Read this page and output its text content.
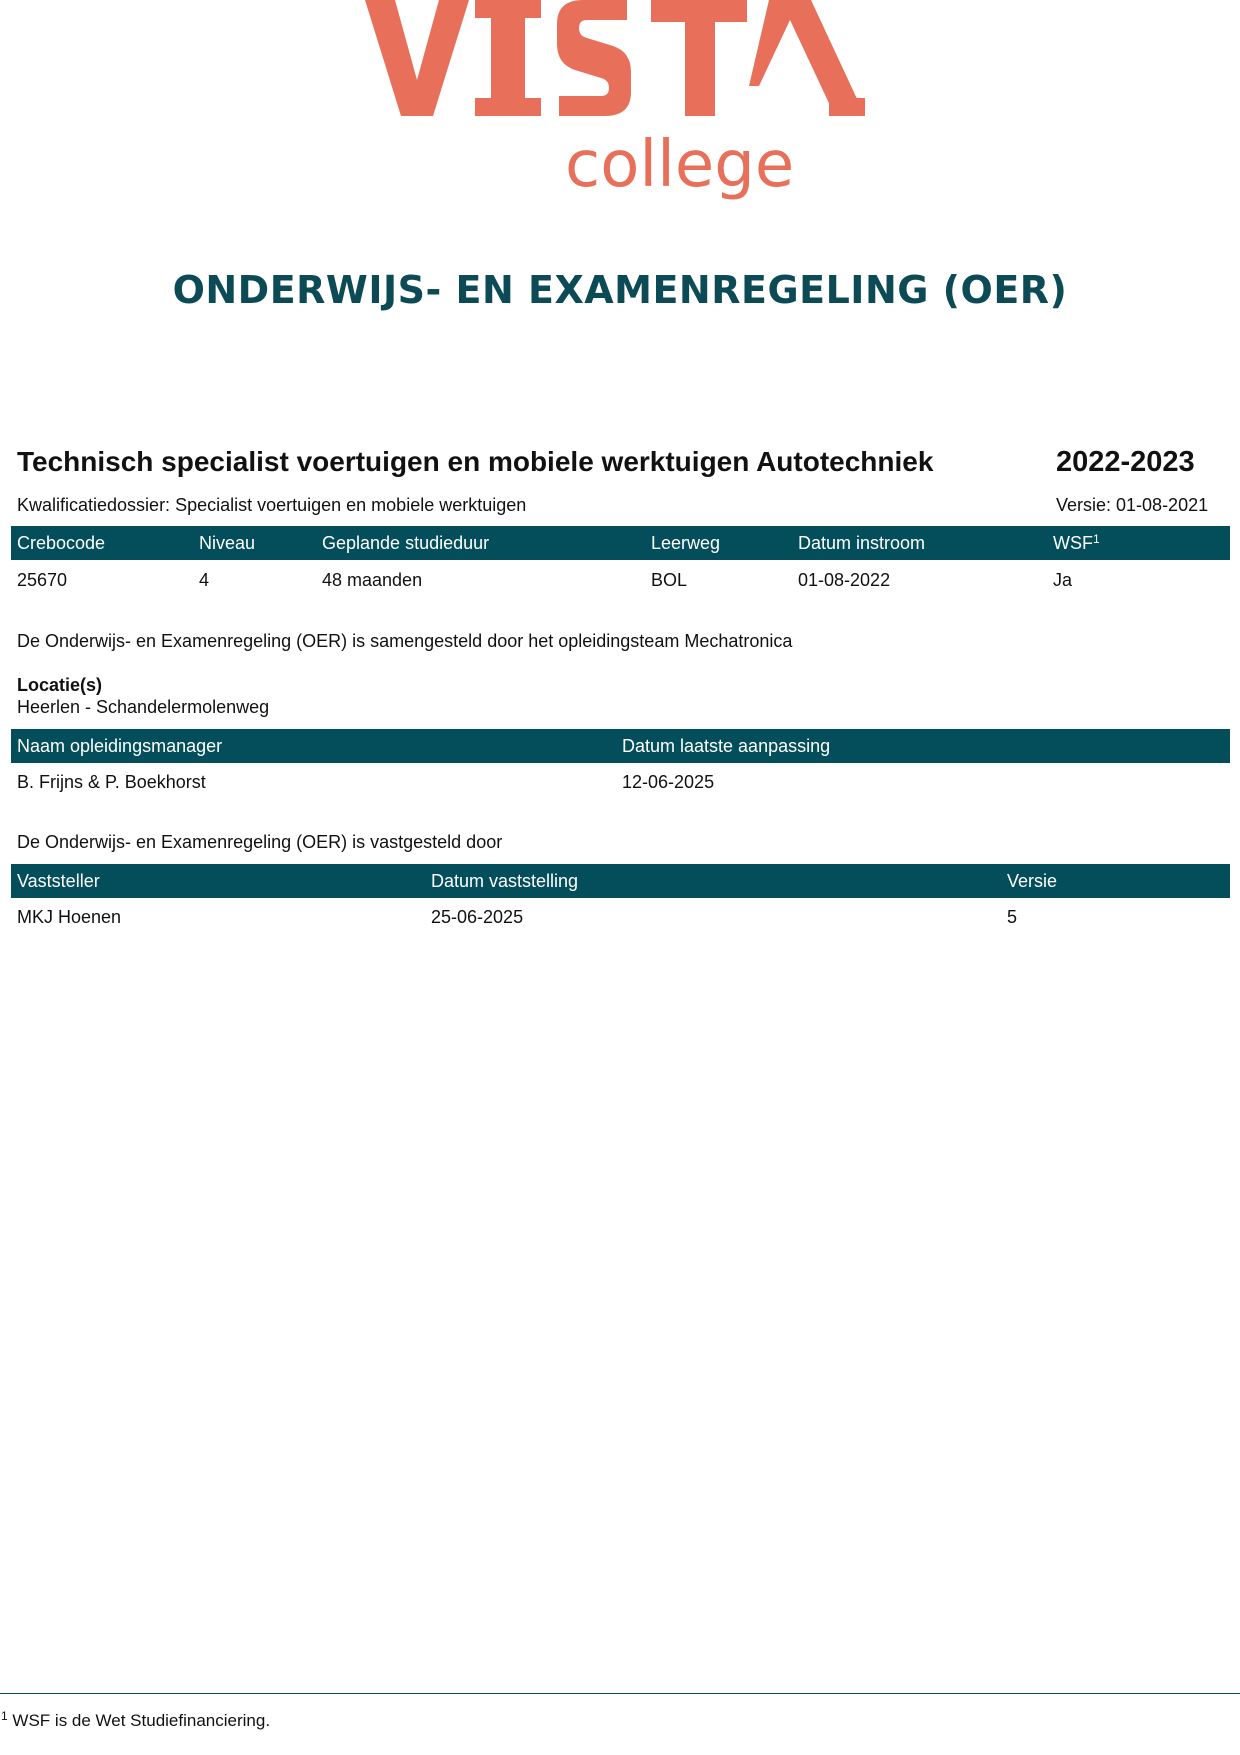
college
ONDERWIJS- EN EXAMENREGELING (OER)
Technisch specialist voertuigen en mobiele werktuigen Autotechniek	2022-2023
Kwalificatiedossier: Specialist voertuigen en mobiele werktuigen	Versie: 01-08-2021
Crebocode	Niveau	Geplande studieduur	Leerweg	Datum instroom	WSF$^1$
25670	4	48 maanden	BOL	01-08-2022	Ja
De Onderwijs- en Examenregeling (OER) is samengesteld door het opleidingsteam Mechatronica
Locatie(s)
Heerlen - Schandelermolenweg
Naam opleidingsmanager	Datum laatste aanpassing
B. Frijns & P. Boekhorst	12-06-2025
De Onderwijs- en Examenregeling (OER) is vastgesteld door
Vaststeller	Datum vaststelling	Versie
MKJ Hoenen	25-06-2025	5
$^1$ WSF is de Wet Studiefinanciering.
